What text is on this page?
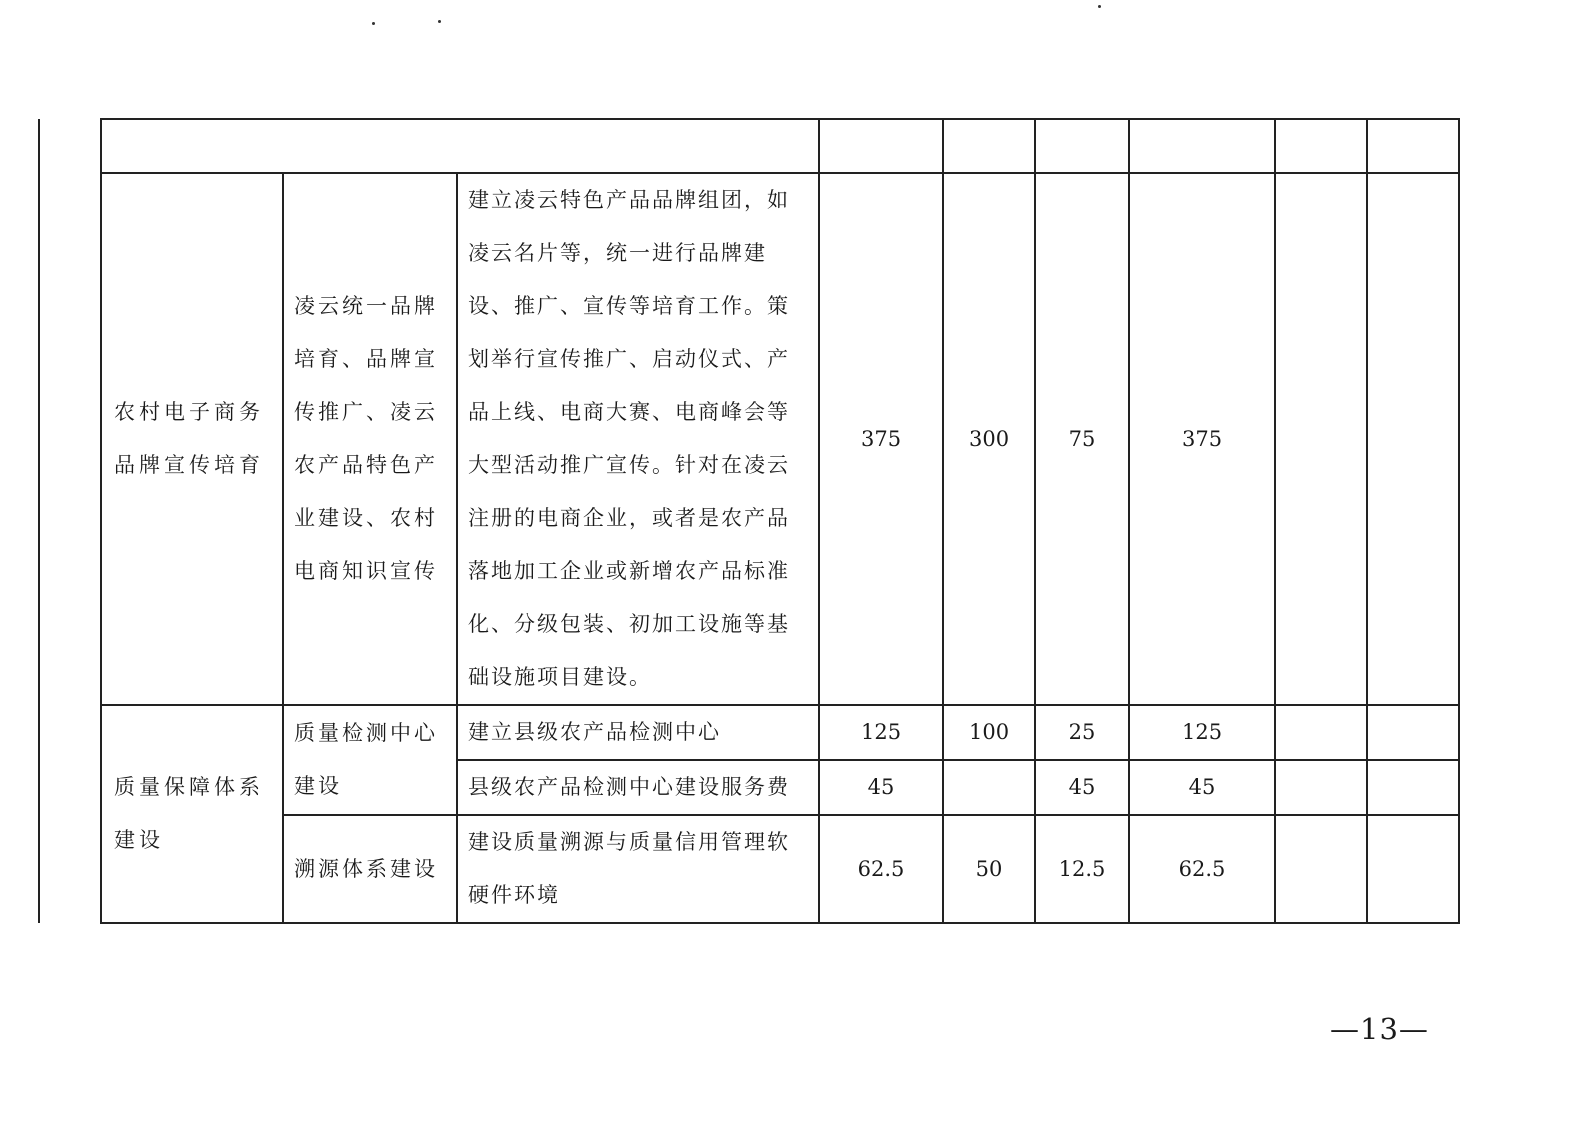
	农村电子商务品牌宣传培育	凌云统一品牌培育、品牌宣传推广、凌云农产品特色产业建设、农村电商知识宣传	建立凌云特色产品品牌组团，如凌云名片等，统一进行品牌建设、推广、宣传等培育工作。策划举行宣传推广、启动仪式、产品上线、电商大赛、电商峰会等大型活动推广宣传。针对在凌云注册的电商企业，或者是农产品落地加工企业或新增农产品标准化、分级包装、初加工设施等基础设施项目建设。	375	300	75	375		
	质量保障体系建设	质量检测中心建设	建立县级农产品检测中心	125	100	25	125		
			县级农产品检测中心建设服务费	45		45	45		
		溯源体系建设	建设质量溯源与质量信用管理软硬件环境	62.5	50	12.5	62.5		
—13—
